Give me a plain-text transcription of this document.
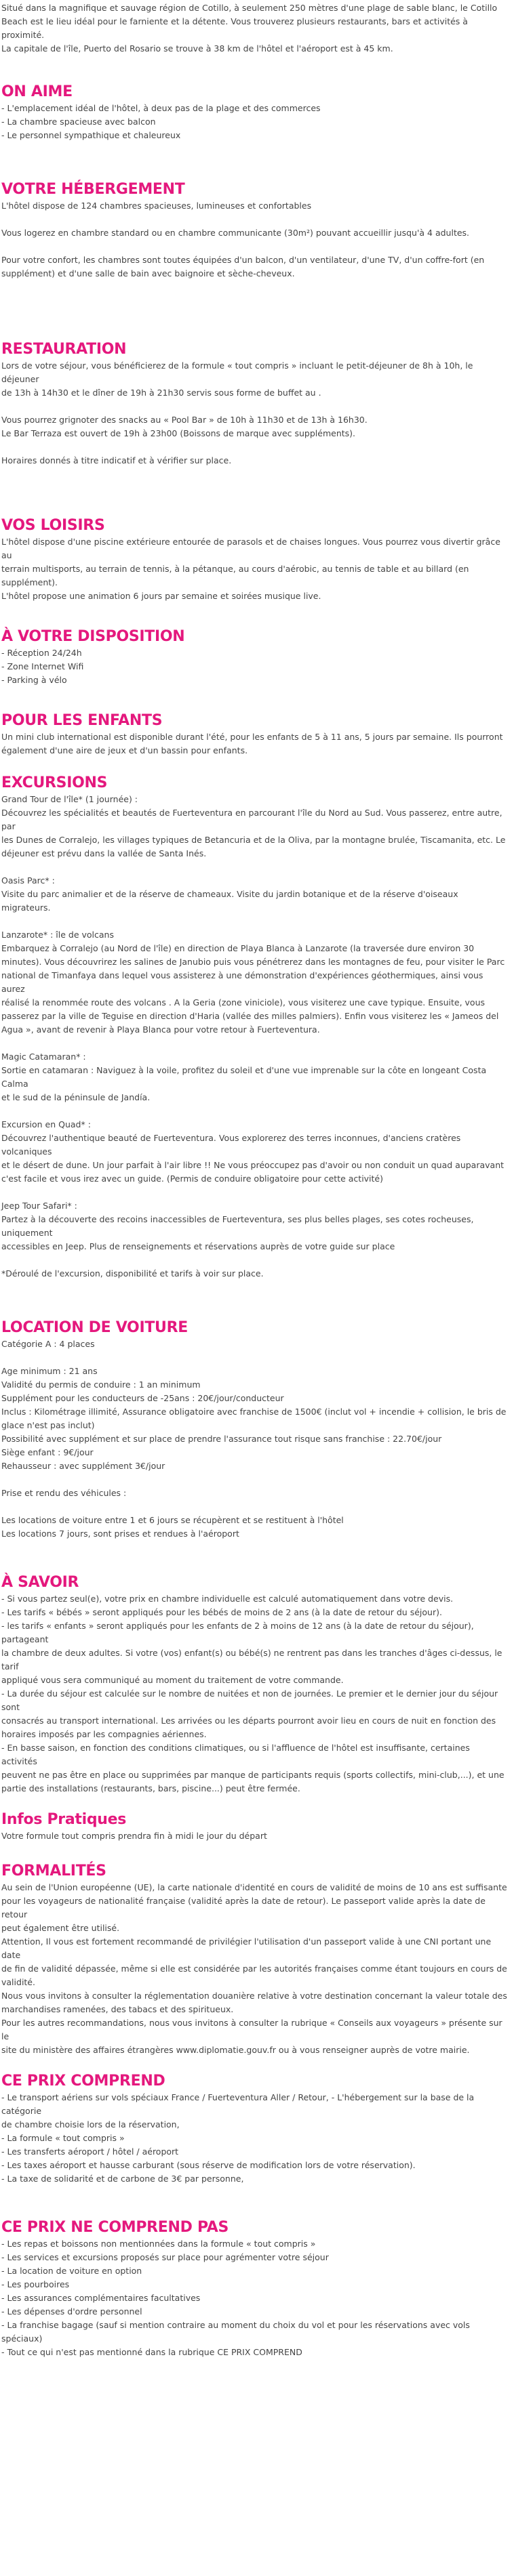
Situé dans la magnifique et sauvage région de Cotillo, à seulement 250 mètres d'une plage de sable blanc, le Cotillo
Beach est le lieu idéal pour le farniente et la détente. Vous trouverez plusieurs restaurants, bars et activités à proximité.
La capitale de l'île, Puerto del Rosario se trouve à 38 km de l'hôtel et l'aéroport est à 45 km.
ON AIME
- L'emplacement idéal de l'hôtel, à deux pas de la plage et des commerces
- La chambre spacieuse avec balcon
- Le personnel sympathique et chaleureux
VOTRE HÉBERGEMENT
L'hôtel dispose de 124 chambres spacieuses, lumineuses et confortables
Vous logerez en chambre standard ou en chambre communicante (30m²) pouvant accueillir jusqu'à 4 adultes.
Pour votre confort, les chambres sont toutes équipées d'un balcon, d'un ventilateur, d'une TV, d'un coffre-fort (en
supplément) et d'une salle de bain avec baignoire et sèche-cheveux.
RESTAURATION
Lors de votre séjour, vous bénéficierez de la formule « tout compris » incluant le petit-déjeuner de 8h à 10h, le déjeuner
de 13h à 14h30 et le dîner de 19h à 21h30 servis sous forme de buffet au .
Vous pourrez grignoter des snacks au « Pool Bar » de 10h à 11h30 et de 13h à 16h30.
Le Bar Terraza est ouvert de 19h à 23h00 (Boissons de marque avec suppléments).
Horaires donnés à titre indicatif et à vérifier sur place.
VOS LOISIRS
L'hôtel dispose d'une piscine extérieure entourée de parasols et de chaises longues. Vous pourrez vous divertir grâce au
terrain multisports, au terrain de tennis, à la pétanque, au cours d'aérobic, au tennis de table et au billard (en
supplément).
L'hôtel propose une animation 6 jours par semaine et soirées musique live.
À VOTRE DISPOSITION
- Réception 24/24h
- Zone Internet Wifi
- Parking à vélo
POUR LES ENFANTS
Un mini club international est disponible durant l'été, pour les enfants de 5 à 11 ans, 5 jours par semaine. Ils pourront
également d'une aire de jeux et d'un bassin pour enfants.
EXCURSIONS
Grand Tour de l'île* (1 journée) :
Découvrez les spécialités et beautés de Fuerteventura en parcourant l'île du Nord au Sud. Vous passerez, entre autre, par
les Dunes de Corralejo, les villages typiques de Betancuria et de la Oliva, par la montagne brulée, Tiscamanita, etc. Le
déjeuner est prévu dans la vallée de Santa Inés.
Oasis Parc* :
Visite du parc animalier et de la réserve de chameaux. Visite du jardin botanique et de la réserve d'oiseaux migrateurs.
Lanzarote* : île de volcans
Embarquez à Corralejo (au Nord de l'île) en direction de Playa Blanca à Lanzarote (la traversée dure environ 30
minutes). Vous découvrirez les salines de Janubio puis vous pénétrerez dans les montagnes de feu, pour visiter le Parc
national de Timanfaya dans lequel vous assisterez à une démonstration d'expériences géothermiques, ainsi vous aurez
réalisé la renommée route des volcans . A la Geria (zone viniciole), vous visiterez une cave typique. Ensuite, vous
passerez par la ville de Teguise en direction d'Haria (vallée des milles palmiers). Enfin vous visiterez les « Jameos del
Agua », avant de revenir à Playa Blanca pour votre retour à Fuerteventura.
Magic Catamaran* :
Sortie en catamaran : Naviguez à la voile, profitez du soleil et d'une vue imprenable sur la côte en longeant Costa Calma
et le sud de la péninsule de Jandía.
Excursion en Quad* :
Découvrez l'authentique beauté de Fuerteventura. Vous explorerez des terres inconnues, d'anciens cratères volcaniques
et le désert de dune. Un jour parfait à l'air libre !! Ne vous préoccupez pas d'avoir ou non conduit un quad auparavant
c'est facile et vous irez avec un guide. (Permis de conduire obligatoire pour cette activité)
Jeep Tour Safari* :
Partez à la découverte des recoins inaccessibles de Fuerteventura, ses plus belles plages, ses cotes rocheuses, uniquement
accessibles en Jeep. Plus de renseignements et réservations auprès de votre guide sur place
*Déroulé de l'excursion, disponibilité et tarifs à voir sur place.
LOCATION DE VOITURE
Catégorie A : 4 places
Age minimum : 21 ans
Validité du permis de conduire : 1 an minimum
Supplément pour les conducteurs de -25ans : 20€/jour/conducteur
Inclus : Kilométrage illimité, Assurance obligatoire avec franchise de 1500€ (inclut vol + incendie + collision, le bris de
glace n'est pas inclut)
Possibilité avec supplément et sur place de prendre l'assurance tout risque sans franchise : 22.70€/jour
Siège enfant : 9€/jour
Rehausseur : avec supplément 3€/jour
Prise et rendu des véhicules :
Les locations de voiture entre 1 et 6 jours se récupèrent et se restituent à l'hôtel
Les locations 7 jours, sont prises et rendues à l'aéroport
À SAVOIR
- Si vous partez seul(e), votre prix en chambre individuelle est calculé automatiquement dans votre devis.
- Les tarifs « bébés » seront appliqués pour les bébés de moins de 2 ans (à la date de retour du séjour).
- les tarifs « enfants » seront appliqués pour les enfants de 2 à moins de 12 ans (à la date de retour du séjour), partageant
la chambre de deux adultes. Si votre (vos) enfant(s) ou bébé(s) ne rentrent pas dans les tranches d'âges ci-dessus, le tarif
appliqué vous sera communiqué au moment du traitement de votre commande.
- La durée du séjour est calculée sur le nombre de nuitées et non de journées. Le premier et le dernier jour du séjour sont
consacrés au transport international. Les arrivées ou les départs pourront avoir lieu en cours de nuit en fonction des
horaires imposés par les compagnies aériennes.
- En basse saison, en fonction des conditions climatiques, ou si l'affluence de l'hôtel est insuffisante, certaines activités
peuvent ne pas être en place ou supprimées par manque de participants requis (sports collectifs, mini-club,...), et une
partie des installations (restaurants, bars, piscine...) peut être fermée.
Infos Pratiques
Votre formule tout compris prendra fin à midi le jour du départ
FORMALITÉS
Au sein de l'Union européenne (UE), la carte nationale d'identité en cours de validité de moins de 10 ans est suffisante
pour les voyageurs de nationalité française (validité après la date de retour). Le passeport valide après la date de retour
peut également être utilisé.
Attention, Il vous est fortement recommandé de privilégier l'utilisation d'un passeport valide à une CNI portant une date
de fin de validité dépassée, même si elle est considérée par les autorités françaises comme étant toujours en cours de
validité.
Nous vous invitons à consulter la réglementation douanière relative à votre destination concernant la valeur totale des
marchandises ramenées, des tabacs et des spiritueux.
Pour les autres recommandations, nous vous invitons à consulter la rubrique « Conseils aux voyageurs » présente sur le
site du ministère des affaires étrangères www.diplomatie.gouv.fr ou à vous renseigner auprès de votre mairie.
CE PRIX COMPREND
- Le transport aériens sur vols spéciaux France / Fuerteventura Aller / Retour, - L'hébergement sur la base de la catégorie
de chambre choisie lors de la réservation,
- La formule « tout compris »
- Les transferts aéroport / hôtel / aéroport
- Les taxes aéroport et hausse carburant (sous réserve de modification lors de votre réservation).
- La taxe de solidarité et de carbone de 3€ par personne,
CE PRIX NE COMPREND PAS
- Les repas et boissons non mentionnées dans la formule « tout compris »
- Les services et excursions proposés sur place pour agrémenter votre séjour
- La location de voiture en option
- Les pourboires
- Les assurances complémentaires facultatives
- Les dépenses d'ordre personnel
- La franchise bagage (sauf si mention contraire au moment du choix du vol et pour les réservations avec vols spéciaux)
- Tout ce qui n'est pas mentionné dans la rubrique CE PRIX COMPREND
